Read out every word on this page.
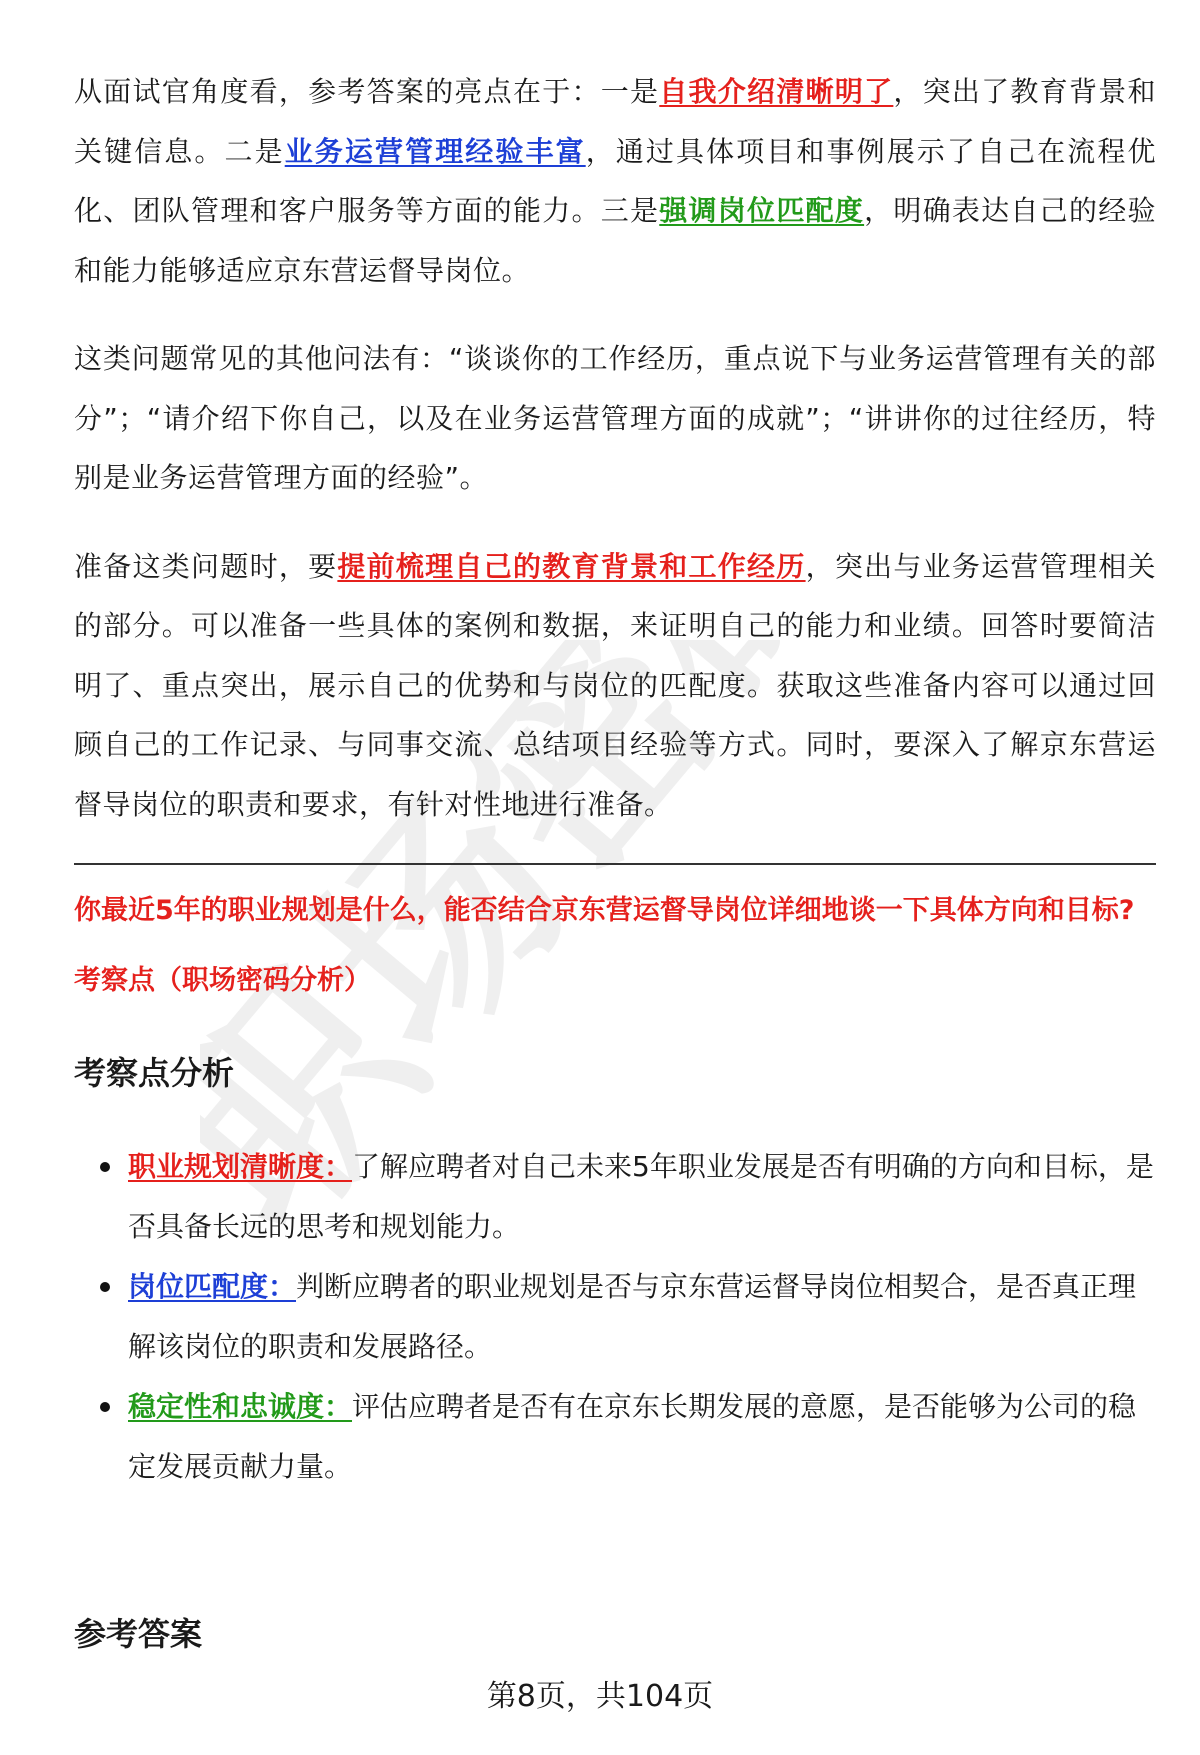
职场密码

从面试官角度看，参考答案的亮点在于：一是自我介绍清晰明了，突出了教育背景和关键信息。二是业务运营管理经验丰富，通过具体项目和事例展示了自己在流程优化、团队管理和客户服务等方面的能力。三是强调岗位匹配度，明确表达自己的经验和能力能够适应京东营运督导岗位。

这类问题常见的其他问法有：“谈谈你的工作经历，重点说下与业务运营管理有关的部分”；“请介绍下你自己，以及在业务运营管理方面的成就”；“讲讲你的过往经历，特别是业务运营管理方面的经验”。

准备这类问题时，要提前梳理自己的教育背景和工作经历，突出与业务运营管理相关的部分。可以准备一些具体的案例和数据，来证明自己的能力和业绩。回答时要简洁明了、重点突出，展示自己的优势和与岗位的匹配度。获取这些准备内容可以通过回顾自己的工作记录、与同事交流、总结项目经验等方式。同时，要深入了解京东营运督导岗位的职责和要求，有针对性地进行准备。

你最近5年的职业规划是什么，能否结合京东营运督导岗位详细地谈一下具体方向和目标?
考察点（职场密码分析）
考察点分析
职业规划清晰度：了解应聘者对自己未来5年职业发展是否有明确的方向和目标，是否具备长远的思考和规划能力。
岗位匹配度：判断应聘者的职业规划是否与京东营运督导岗位相契合，是否真正理解该岗位的职责和发展路径。
稳定性和忠诚度：评估应聘者是否有在京东长期发展的意愿，是否能够为公司的稳定发展贡献力量。
参考答案
第8页，共104页
